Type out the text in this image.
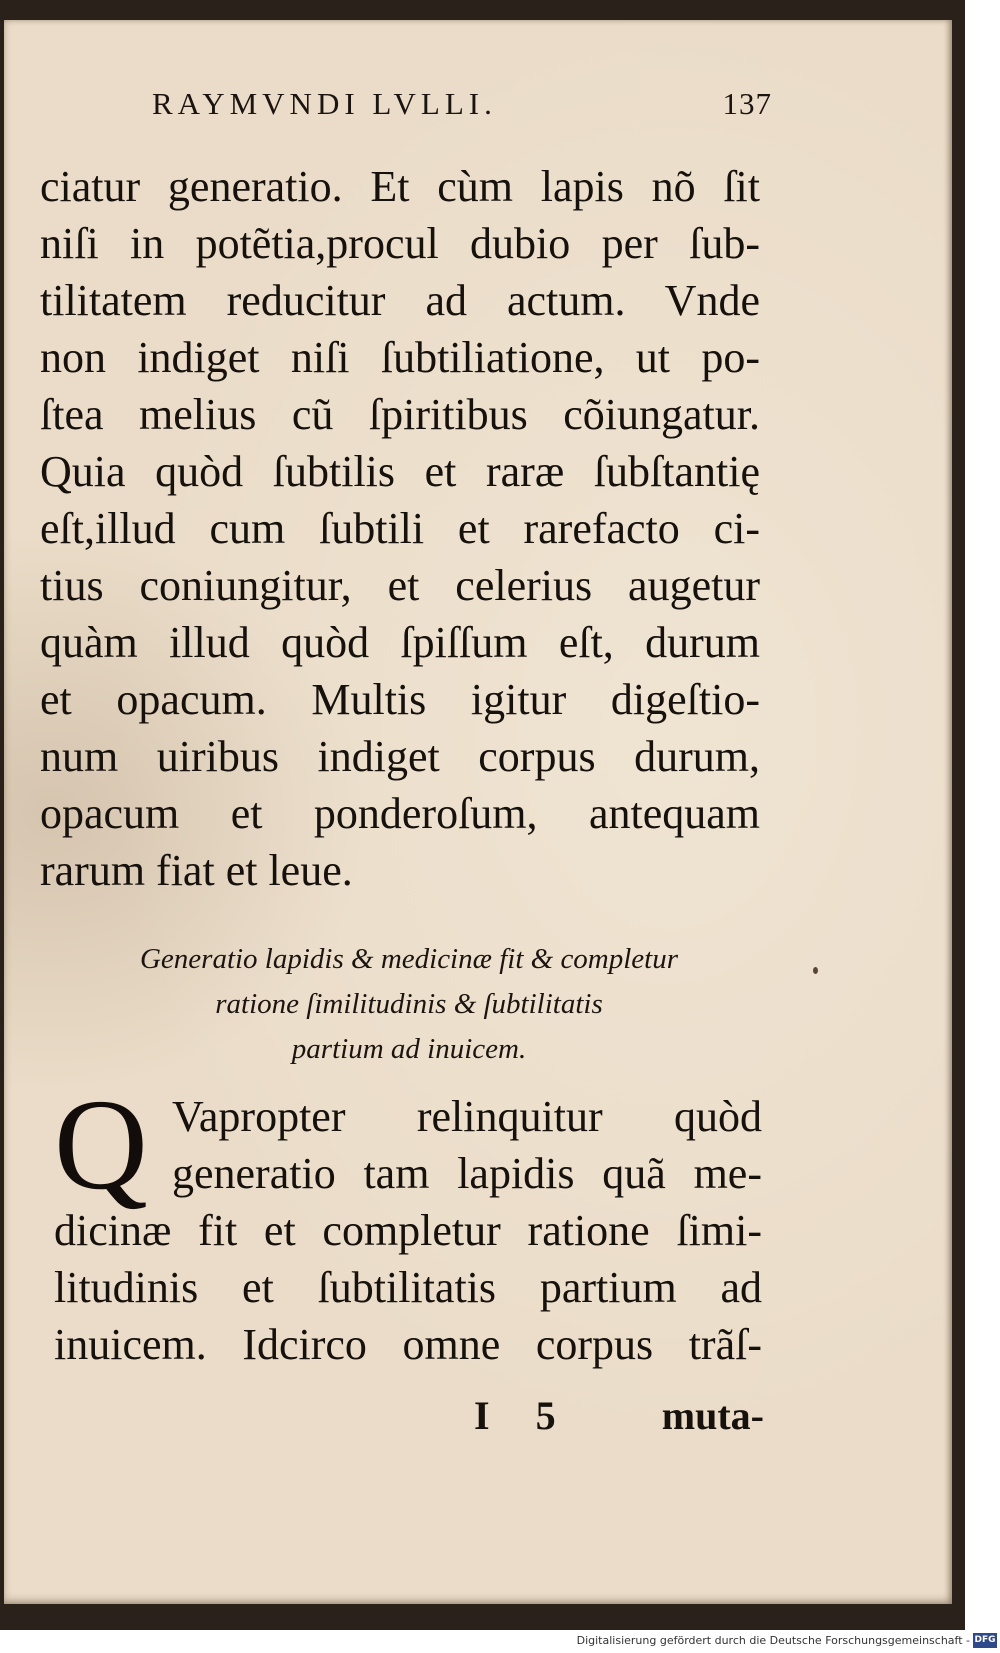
RAYMVNDI LVLLI.	137
ciatur generatio. Et cùm lapis nõ ſit
niſi in potẽtia,procul dubio per ſub-
tilitatem reducitur ad actum. Vnde
non indiget niſi ſubtiliatione, ut po-
ſtea melius cũ ſpiritibus cõiungatur.
Quia quòd ſubtilis et raræ ſubſtantię
eſt,illud cum ſubtili et rarefacto ci-
tius coniungitur, et celerius augetur
quàm illud quòd ſpiſſum eſt, durum
et opacum. Multis igitur digeſtio-
num uiribus indiget corpus durum,
opacum et ponderoſum, antequam
rarum fiat et leue.
Generatio lapidis & medicinæ fit & completur
ratione ſimilitudinis & ſubtilitatis
partium ad inuicem.
Q Vapropter relinquitur quòd
generatio tam lapidis quã me-
dicinæ fit et completur ratione ſimi-
litudinis et ſubtilitatis partium ad
inuicem. Idcirco omne corpus trãſ-
I 5 muta-
Digitalisierung gefördert durch die Deutsche Forschungsgemeinschaft - DFG
